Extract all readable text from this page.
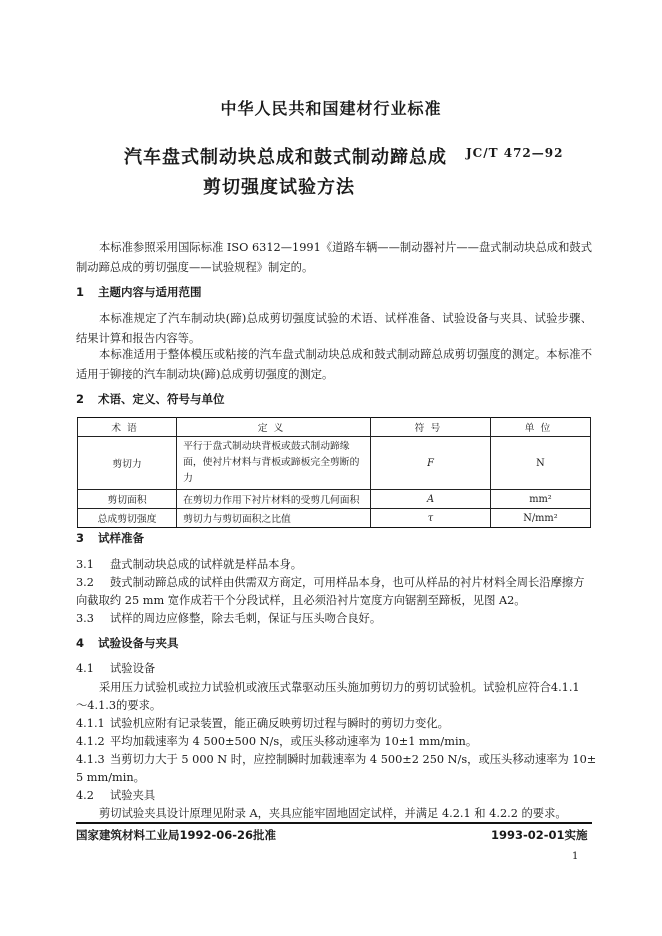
中华人民共和国建材行业标准
汽车盘式制动块总成和鼓式制动蹄总成
剪切强度试验方法
JC/T 472—92
本标准参照采用国际标准 ISO 6312—1991《道路车辆——制动器衬片——盘式制动块总成和鼓式制动蹄总成的剪切强度——试验规程》制定的。
1 主题内容与适用范围
本标准规定了汽车制动块(蹄)总成剪切强度试验的术语、试样准备、试验设备与夹具、试验步骤、结果计算和报告内容等。
本标准适用于整体模压或粘接的汽车盘式制动块总成和鼓式制动蹄总成剪切强度的测定。本标准不适用于铆接的汽车制动块(蹄)总成剪切强度的测定。
2 术语、定义、符号与单位
术语	定义	符号	单位
剪切力	平行于盘式制动块背板或鼓式制动蹄缘面，使衬片材料与背板或蹄板完全剪断的力	F	N
剪切面积	在剪切力作用下衬片材料的受剪几何面积	A	mm²
总成剪切强度	剪切力与剪切面积之比值	τ	N/mm²
3 试样准备
3.1 盘式制动块总成的试样就是样品本身。
3.2 鼓式制动蹄总成的试样由供需双方商定，可用样品本身，也可从样品的衬片材料全周长沿摩擦方
向截取约 25 mm 宽作成若干个分段试样，且必须沿衬片宽度方向锯割至蹄板，见图 A2。
3.3 试样的周边应修整，除去毛刺，保证与压头吻合良好。
4 试验设备与夹具
4.1 试验设备
采用压力试验机或拉力试验机或液压式靠驱动压头施加剪切力的剪切试验机。试验机应符合4.1.1
～4.1.3的要求。
4.1.1 试验机应附有记录装置，能正确反映剪切过程与瞬时的剪切力变化。
4.1.2 平均加载速率为 4 500±500 N/s，或压头移动速率为 10±1 mm/min。
4.1.3 当剪切力大于 5 000 N 时，应控制瞬时加载速率为 4 500±2 250 N/s，或压头移动速率为 10±
5 mm/min。
4.2 试验夹具
剪切试验夹具设计原理见附录 A，夹具应能牢固地固定试样，并满足 4.2.1 和 4.2.2 的要求。
国家建筑材料工业局1992-06-26批准	1993-02-01实施
1
